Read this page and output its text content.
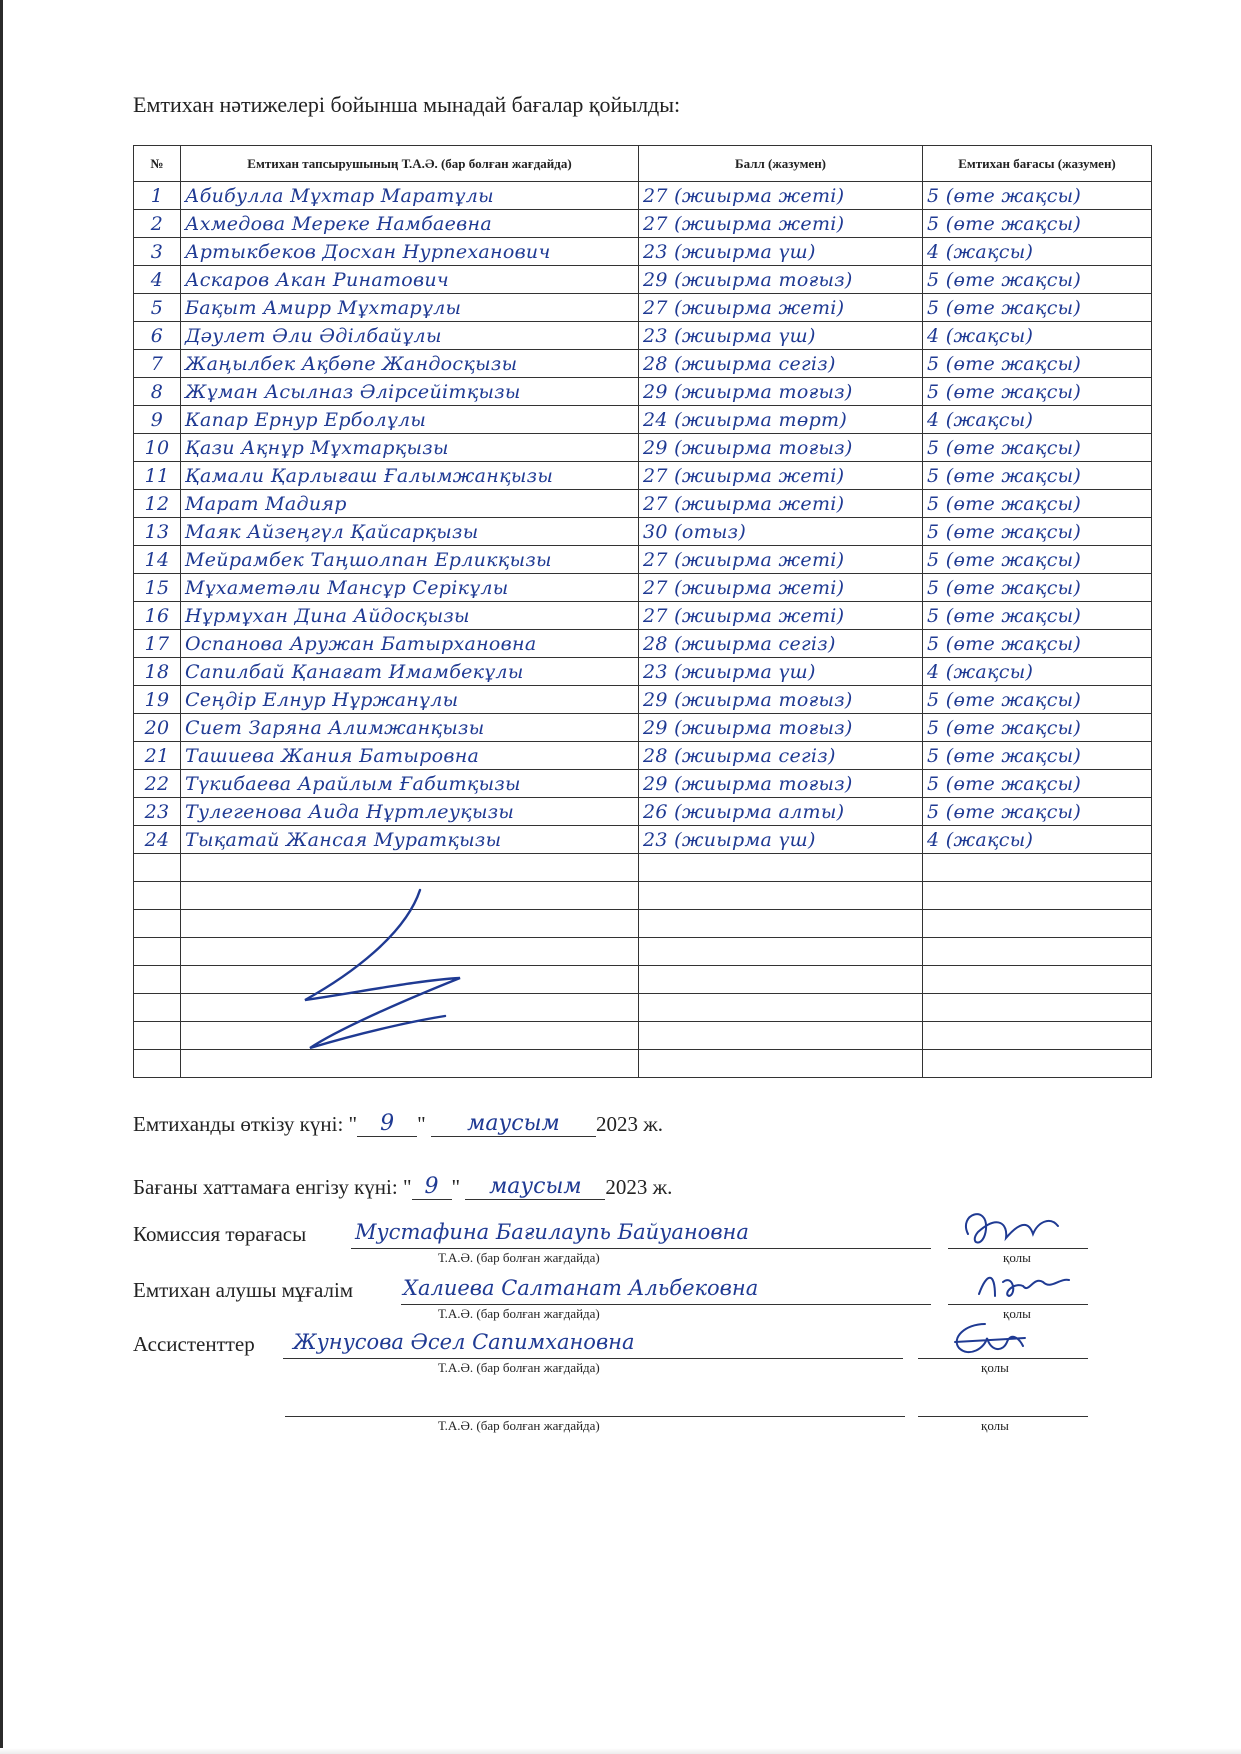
Емтихан нәтижелері бойынша мынадай бағалар қойылды:
№	Емтихан тапсырушының Т.А.Ә. (бар болған жағдайда)	Балл (жазумен)	Емтихан бағасы (жазумен)
1	Абибулла Мұхтар Маратұлы	27 (жиырма жеті)	5 (өте жақсы)
2	Ахмедова Мереке Намбаевна	27 (жиырма жеті)	5 (өте жақсы)
3	Артыкбеков Досхан Нурпеханович	23 (жиырма үш)	4 (жақсы)
4	Аскаров Акан Ринатович	29 (жиырма тоғыз)	5 (өте жақсы)
5	Бақыт Амирр Мұхтарұлы	27 (жиырма жеті)	5 (өте жақсы)
6	Дәулет Әли Әділбайұлы	23 (жиырма үш)	4 (жақсы)
7	Жаңылбек Ақбөпе Жандосқызы	28 (жиырма сегіз)	5 (өте жақсы)
8	Жұман Асылназ Әлірсейітқызы	29 (жиырма тоғыз)	5 (өте жақсы)
9	Капар Ернур Ерболұлы	24 (жиырма төрт)	4 (жақсы)
10	Қази Ақнұр Мұхтарқызы	29 (жиырма тоғыз)	5 (өте жақсы)
11	Қамали Қарлығаш Ғалымжанқызы	27 (жиырма жеті)	5 (өте жақсы)
12	Марат Мадияр	27 (жиырма жеті)	5 (өте жақсы)
13	Маяк Айзеңгүл Қайсарқызы	30 (отыз)	5 (өте жақсы)
14	Мейрамбек Таңшолпан Ерликқызы	27 (жиырма жеті)	5 (өте жақсы)
15	Мұхаметәли Мансұр Серікұлы	27 (жиырма жеті)	5 (өте жақсы)
16	Нұрмұхан Дина Айдосқызы	27 (жиырма жеті)	5 (өте жақсы)
17	Оспанова Аружан Батырхановна	28 (жиырма сегіз)	5 (өте жақсы)
18	Сапилбай Қанағат Имамбекұлы	23 (жиырма үш)	4 (жақсы)
19	Сеңдір Елнур Нұржанұлы	29 (жиырма тоғыз)	5 (өте жақсы)
20	Сиет Заряна Алимжанқызы	29 (жиырма тоғыз)	5 (өте жақсы)
21	Ташиева Жания Батыровна	28 (жиырма сегіз)	5 (өте жақсы)
22	Түкибаева Арайлым Ғабитқызы	29 (жиырма тоғыз)	5 (өте жақсы)
23	Тулегенова Аида Нұртлеуқызы	26 (жиырма алты)	5 (өте жақсы)
24	Тықатай Жансая Муратқызы	23 (жиырма үш)	4 (жақсы)

Емтиханды өткізу күні: " 9 " маусым 2023 ж.
Бағаны хаттамаға енгізу күні: " 9 " маусым 2023 ж.
Комиссия төрағасы Мустафина Бағилаупь Байуановна
Т.А.Ә. (бар болған жағдайда)	қолы
Емтихан алушы мұғалім Халиева Салтанат Альбековна
Т.А.Ә. (бар болған жағдайда)	қолы
Ассистенттер Жунусова Әсел Сапимхановна
Т.А.Ә. (бар болған жағдайда)	қолы
Т.А.Ә. (бар болған жағдайда)	қолы
